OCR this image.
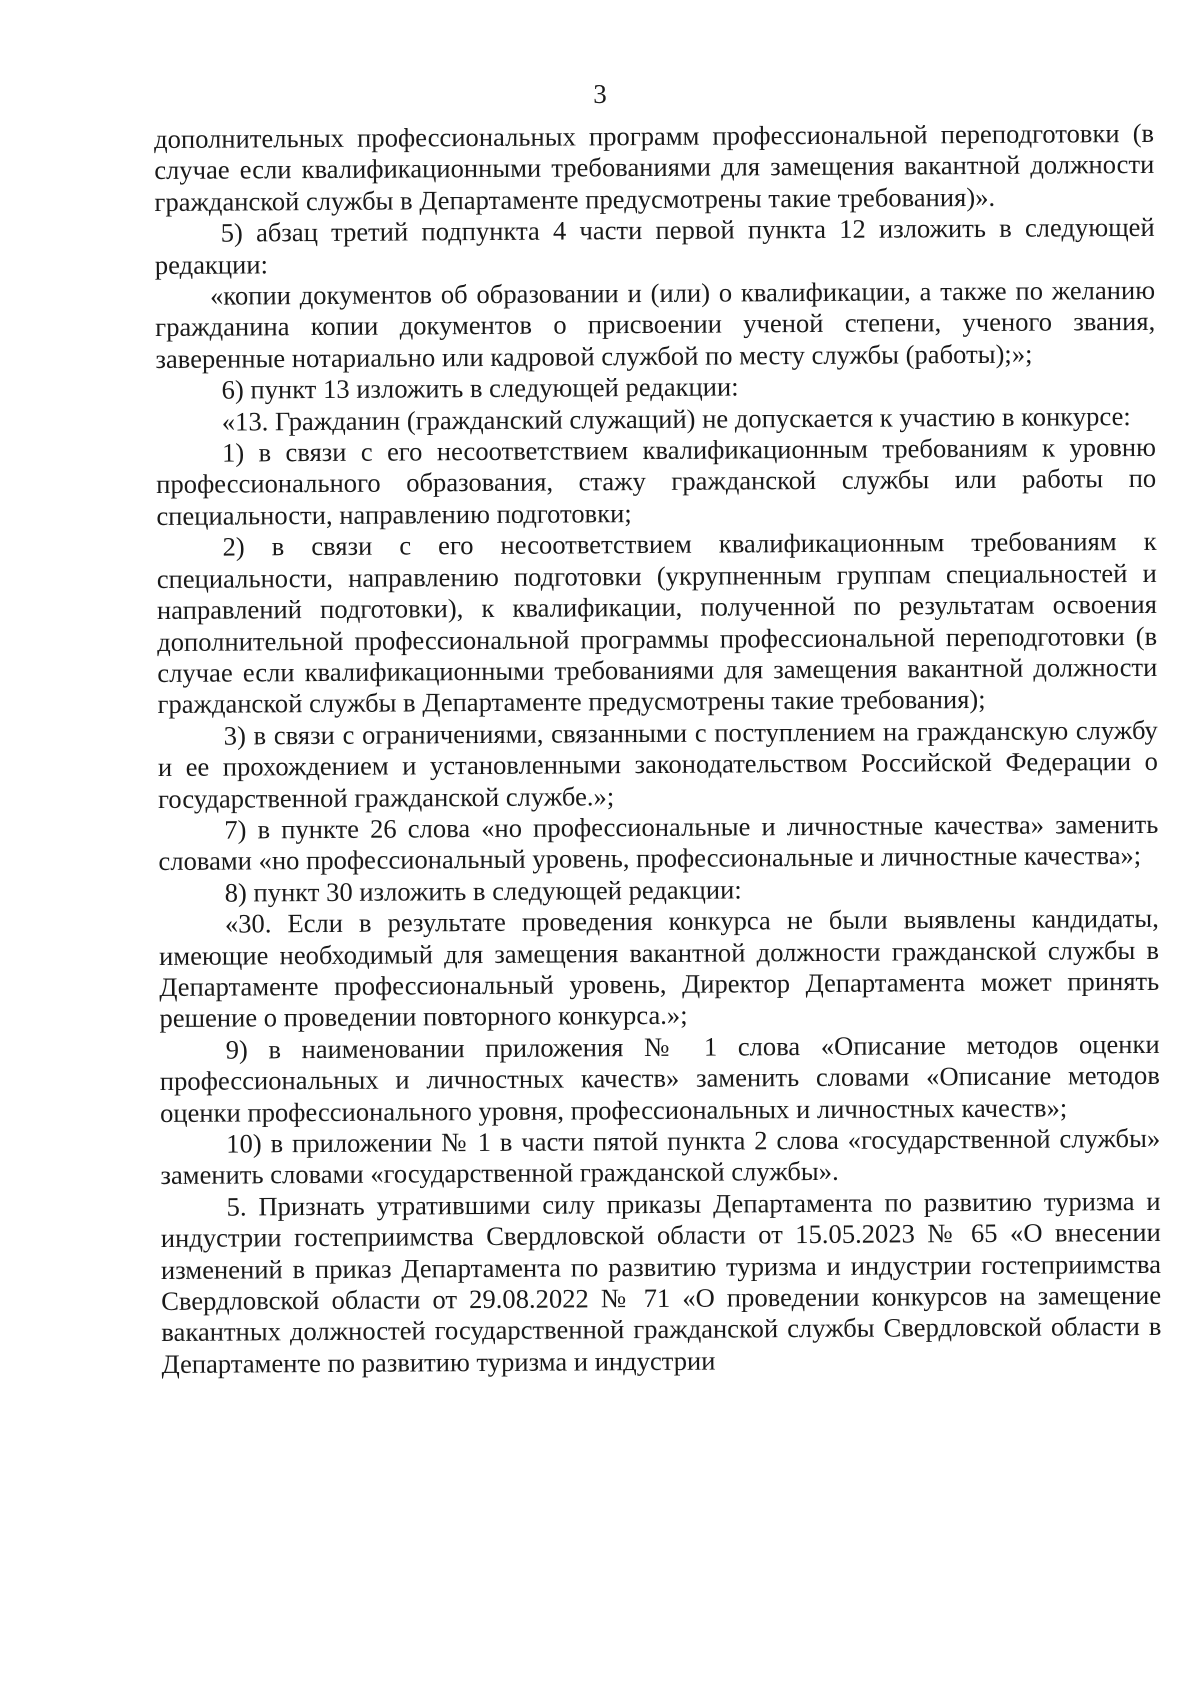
3

дополнительных профессиональных программ профессиональной переподготовки (в случае если квалификационными требованиями для замещения вакантной должности гражданской службы в Департаменте предусмотрены такие требования)».

5) абзац третий подпункта 4 части первой пункта 12 изложить в следующей редакции:

«копии документов об образовании и (или) о квалификации, а также по желанию гражданина копии документов о присвоении ученой степени, ученого звания, заверенные нотариально или кадровой службой по месту службы (работы);»;

6) пункт 13 изложить в следующей редакции:

«13. Гражданин (гражданский служащий) не допускается к участию в конкурсе:

1) в связи с его несоответствием квалификационным требованиям к уровню профессионального образования, стажу гражданской службы или работы по специальности, направлению подготовки;

2) в связи с его несоответствием квалификационным требованиям к специальности, направлению подготовки (укрупненным группам специальностей и направлений подготовки), к квалификации, полученной по результатам освоения дополнительной профессиональной программы профессиональной переподготовки (в случае если квалификационными требованиями для замещения вакантной должности гражданской службы в Департаменте предусмотрены такие требования);

3) в связи с ограничениями, связанными с поступлением на гражданскую службу и ее прохождением и установленными законодательством Российской Федерации о государственной гражданской службе.»;

7) в пункте 26 слова «но профессиональные и личностные качества» заменить словами «но профессиональный уровень, профессиональные и личностные качества»;

8) пункт 30 изложить в следующей редакции:

«30. Если в результате проведения конкурса не были выявлены кандидаты, имеющие необходимый для замещения вакантной должности гражданской службы в Департаменте профессиональный уровень, Директор Департамента может принять решение о проведении повторного конкурса.»;

9) в наименовании приложения № 1 слова «Описание методов оценки профессиональных и личностных качеств» заменить словами «Описание методов оценки профессионального уровня, профессиональных и личностных качеств»;

10) в приложении № 1 в части пятой пункта 2 слова «государственной службы» заменить словами «государственной гражданской службы».

5. Признать утратившими силу приказы Департамента по развитию туризма и индустрии гостеприимства Свердловской области от 15.05.2023 № 65 «О внесении изменений в приказ Департамента по развитию туризма и индустрии гостеприимства Свердловской области от 29.08.2022 № 71 «О проведении конкурсов на замещение вакантных должностей государственной гражданской службы Свердловской области в Департаменте по развитию туризма и индустрии
